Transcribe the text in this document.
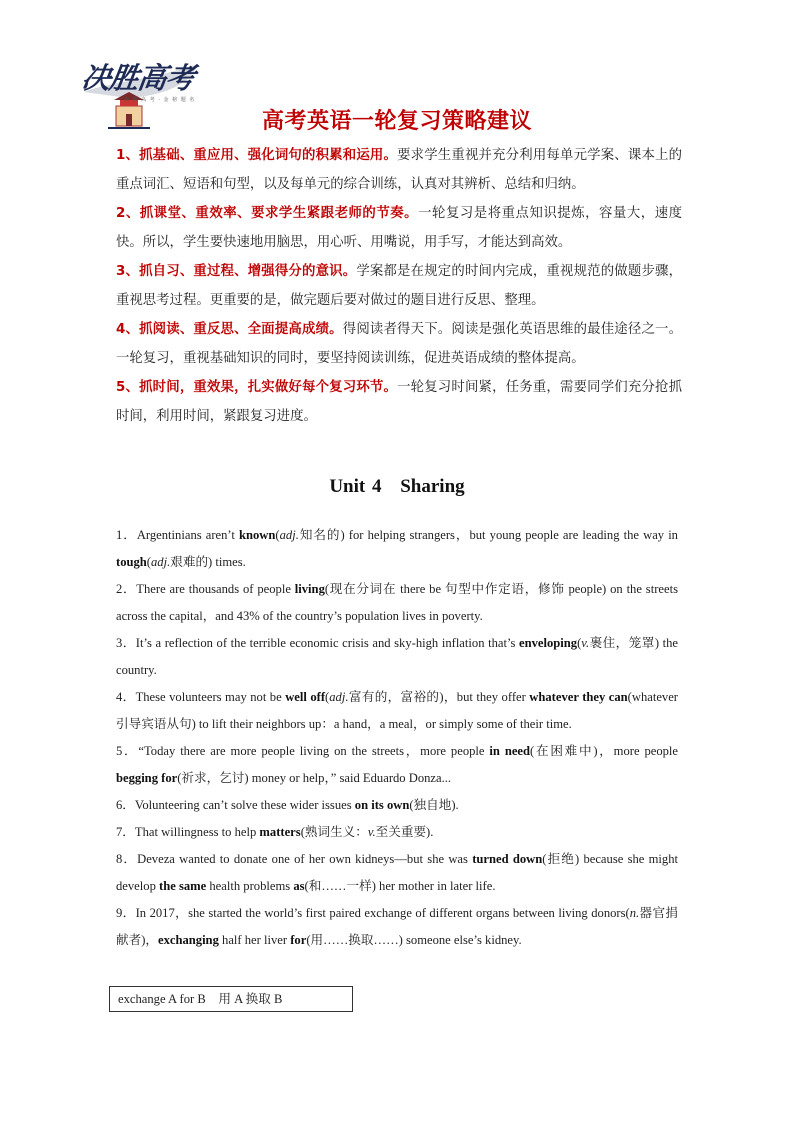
决胜高考
决 胜 高 考 · 金 榜 题 名
高考英语一轮复习策略建议
1、抓基础、重应用、强化词句的积累和运用。要求学生重视并充分利用每单元学案、课本上的重点词汇、短语和句型，以及每单元的综合训练，认真对其辨析、总结和归纳。
2、抓课堂、重效率、要求学生紧跟老师的节奏。一轮复习是将重点知识提炼，容量大，速度快。所以，学生要快速地用脑思，用心听、用嘴说，用手写，才能达到高效。
3、抓自习、重过程、增强得分的意识。学案都是在规定的时间内完成，重视规范的做题步骤，重视思考过程。更重要的是，做完题后要对做过的题目进行反思、整理。
4、抓阅读、重反思、全面提高成绩。得阅读者得天下。阅读是强化英语思维的最佳途径之一。一轮复习，重视基础知识的同时，要坚持阅读训练，促进英语成绩的整体提高。
5、抓时间，重效果，扎实做好每个复习环节。一轮复习时间紧，任务重，需要同学们充分抢抓时间，利用时间，紧跟复习进度。
Unit 4 Sharing
1．Argentinians aren’t known(adj.知名的) for helping strangers，but young people are leading the way in tough(adj.艰难的) times.
2．There are thousands of people living(现在分词在 there be 句型中作定语，修饰 people) on the streets across the capital，and 43% of the country’s population lives in poverty.
3．It’s a reflection of the terrible economic crisis and sky-high inflation that’s enveloping(v.裹住，笼罩) the country.
4．These volunteers may not be well off(adj.富有的，富裕的)，but they offer whatever they can(whatever 引导宾语从句) to lift their neighbors up：a hand，a meal，or simply some of their time.
5．“Today there are more people living on the streets，more people in need(在困难中)，more people begging for(祈求，乞讨) money or help，” said Eduardo Donza...
6．Volunteering can’t solve these wider issues on its own(独自地).
7．That willingness to help matters(熟词生义：v.至关重要).
8．Deveza wanted to donate one of her own kidneys—but she was turned down(拒绝) because she might develop the same health problems as(和……一样) her mother in later life.
9．In 2017，she started the world’s first paired exchange of different organs between living donors(n.器官捐献者)，exchanging half her liver for(用……换取……) someone else’s kidney.
exchange A for B　用 A 换取 B
